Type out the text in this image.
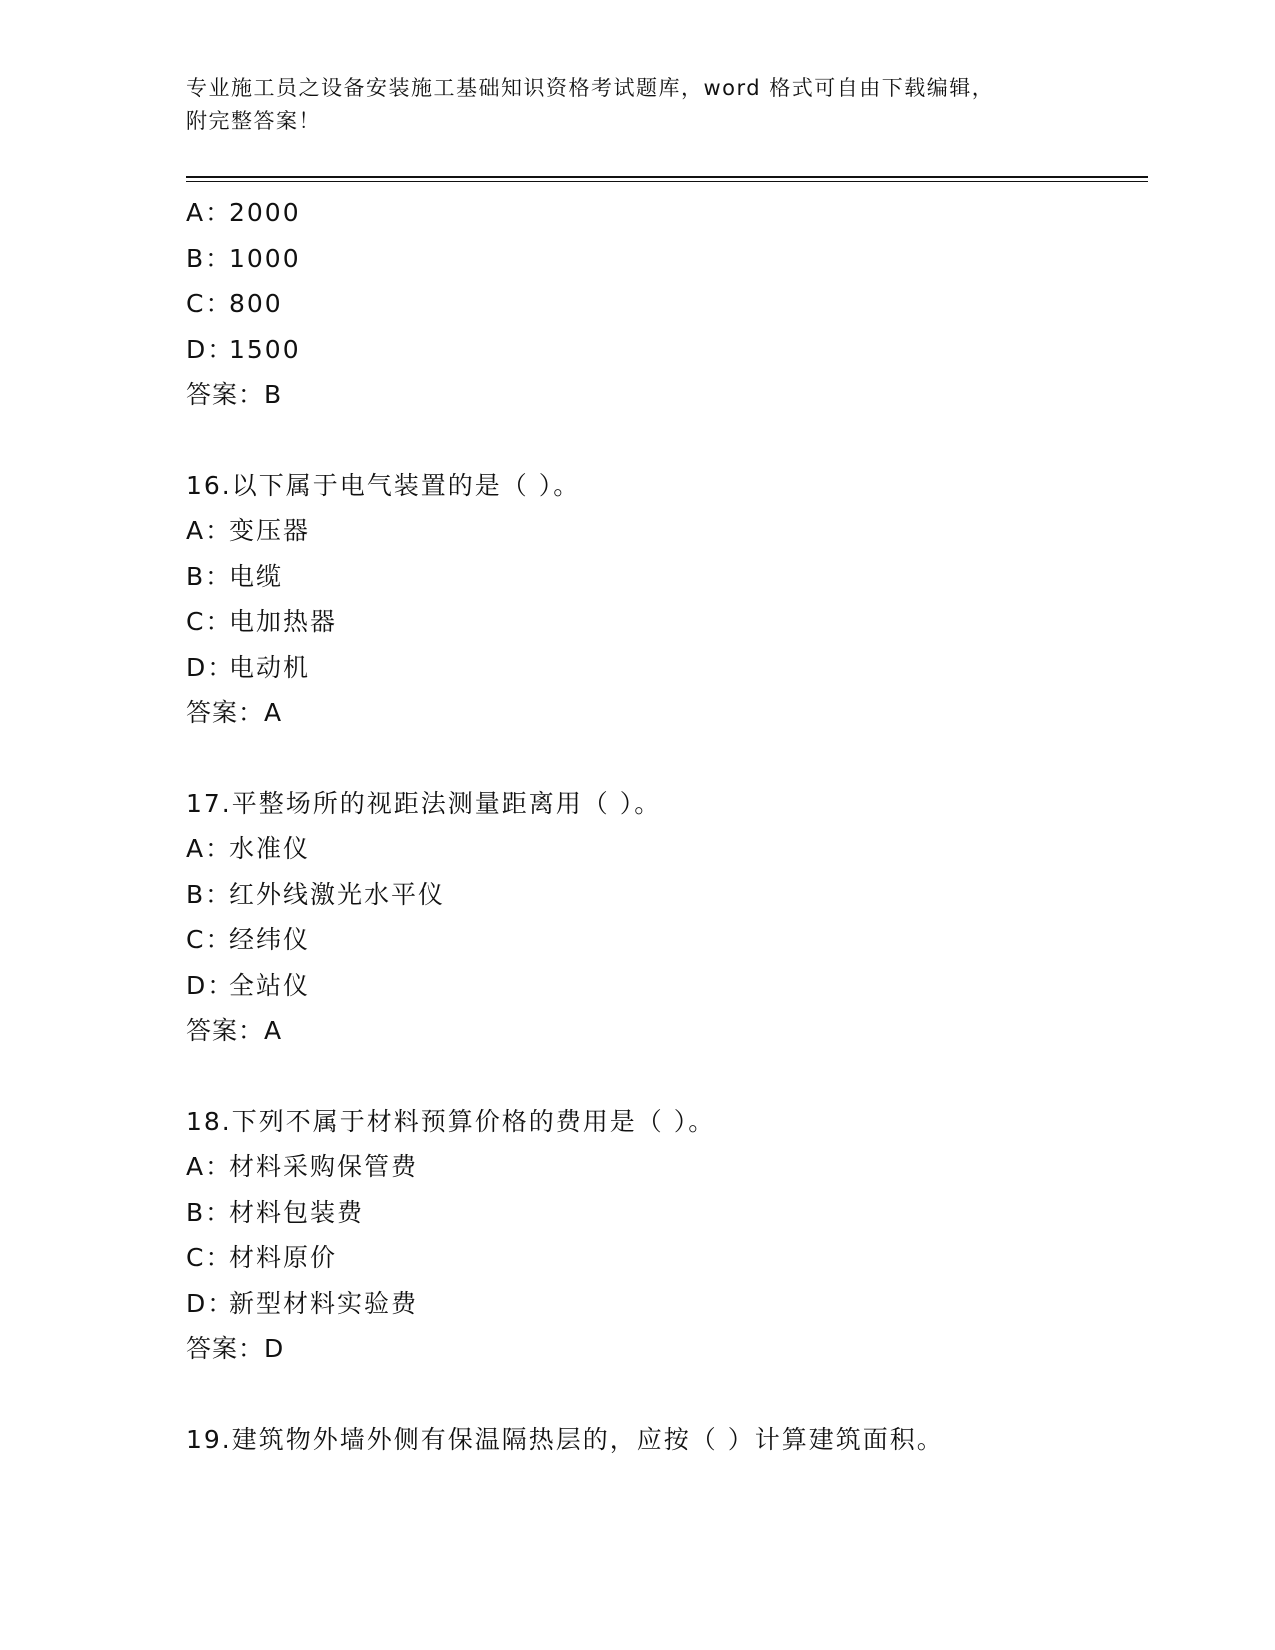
专业施工员之设备安装施工基础知识资格考试题库，word 格式可自由下载编辑，
附完整答案！
A：2000
B：1000
C：800
D：1500
答案：B
16.以下属于电气装置的是（ ）。
A：变压器
B：电缆
C：电加热器
D：电动机
答案：A
17.平整场所的视距法测量距离用（ ）。
A：水准仪
B：红外线激光水平仪
C：经纬仪
D：全站仪
答案：A
18.下列不属于材料预算价格的费用是（ ）。
A：材料采购保管费
B：材料包装费
C：材料原价
D：新型材料实验费
答案：D
19.建筑物外墙外侧有保温隔热层的，应按（ ）计算建筑面积。
